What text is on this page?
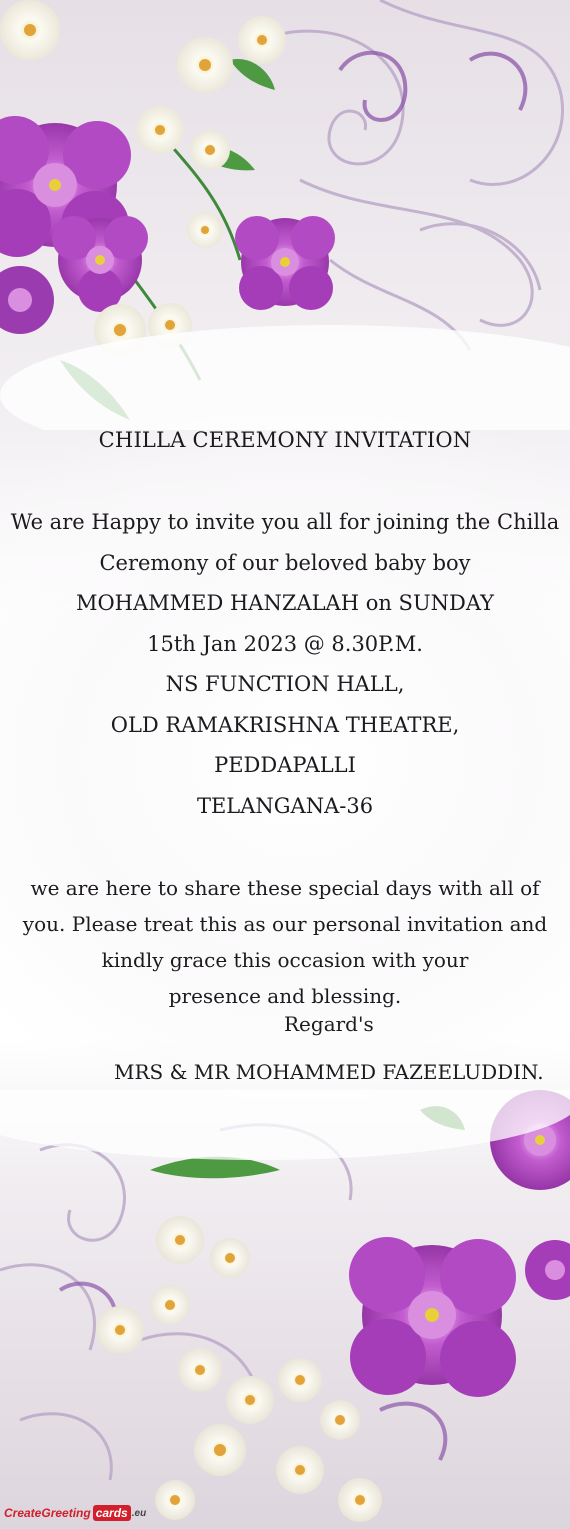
CHILLA CEREMONY INVITATION
We are Happy to invite you all for joining the Chilla
Ceremony of our beloved baby boy
MOHAMMED HANZALAH on SUNDAY
15th Jan 2023 @ 8.30P.M.
NS FUNCTION HALL,
OLD RAMAKRISHNA THEATRE,
PEDDAPALLI
TELANGANA-36
we are here to share these special days with all of
you. Please treat this as our personal invitation and
kindly grace this occasion with your
presence and blessing.
Regard's
MRS & MR MOHAMMED FAZEELUDDIN.
CreateGreeting cards .eu
